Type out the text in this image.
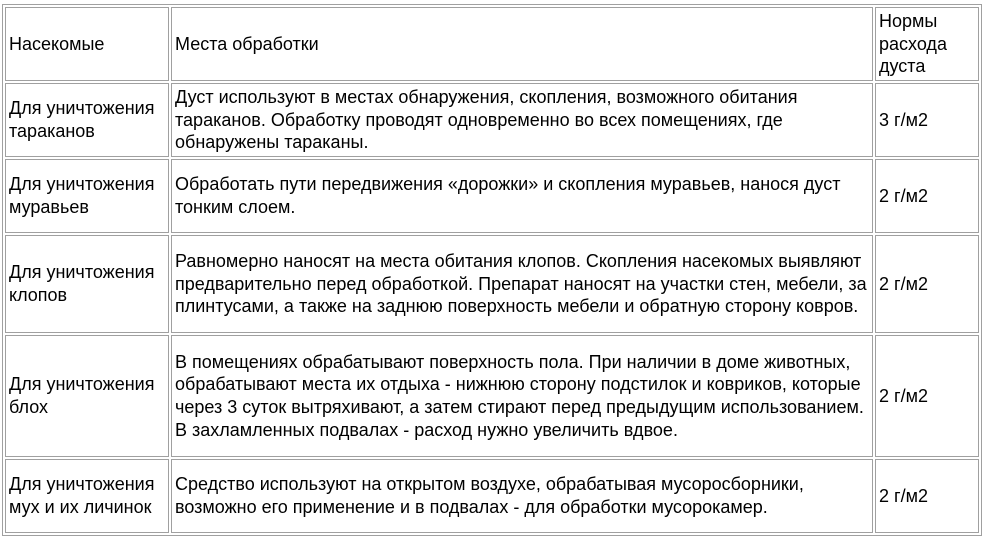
Насекомые	Места обработки	Нормы расхода дуста
Для уничтожения тараканов	Дуст используют в местах обнаружения, скопления, возможного обитания тараканов. Обработку проводят одновременно во всех помещениях, где обнаружены тараканы.	3 г/м2
Для уничтожения муравьев	Обработать пути передвижения «дорожки» и скопления муравьев, нанося дуст тонким слоем.	2 г/м2
Для уничтожения клопов	Равномерно наносят на места обитания клопов. Скопления насекомых выявляют предварительно перед обработкой. Препарат наносят на участки стен, мебели, за плинтусами, а также на заднюю поверхность мебели и обратную сторону ковров.	2 г/м2
Для уничтожения блох	В помещениях обрабатывают поверхность пола. При наличии в доме животных, обрабатывают места их отдыха - нижнюю сторону подстилок и ковриков, которые через 3 суток вытряхивают, а затем стирают перед предыдущим использованием. В захламленных подвалах - расход нужно увеличить вдвое.	2 г/м2
Для уничтожения мух и их личинок	Средство используют на открытом воздухе, обрабатывая мусоросборники, возможно его применение и в подвалах - для обработки мусорокамер.	2 г/м2
